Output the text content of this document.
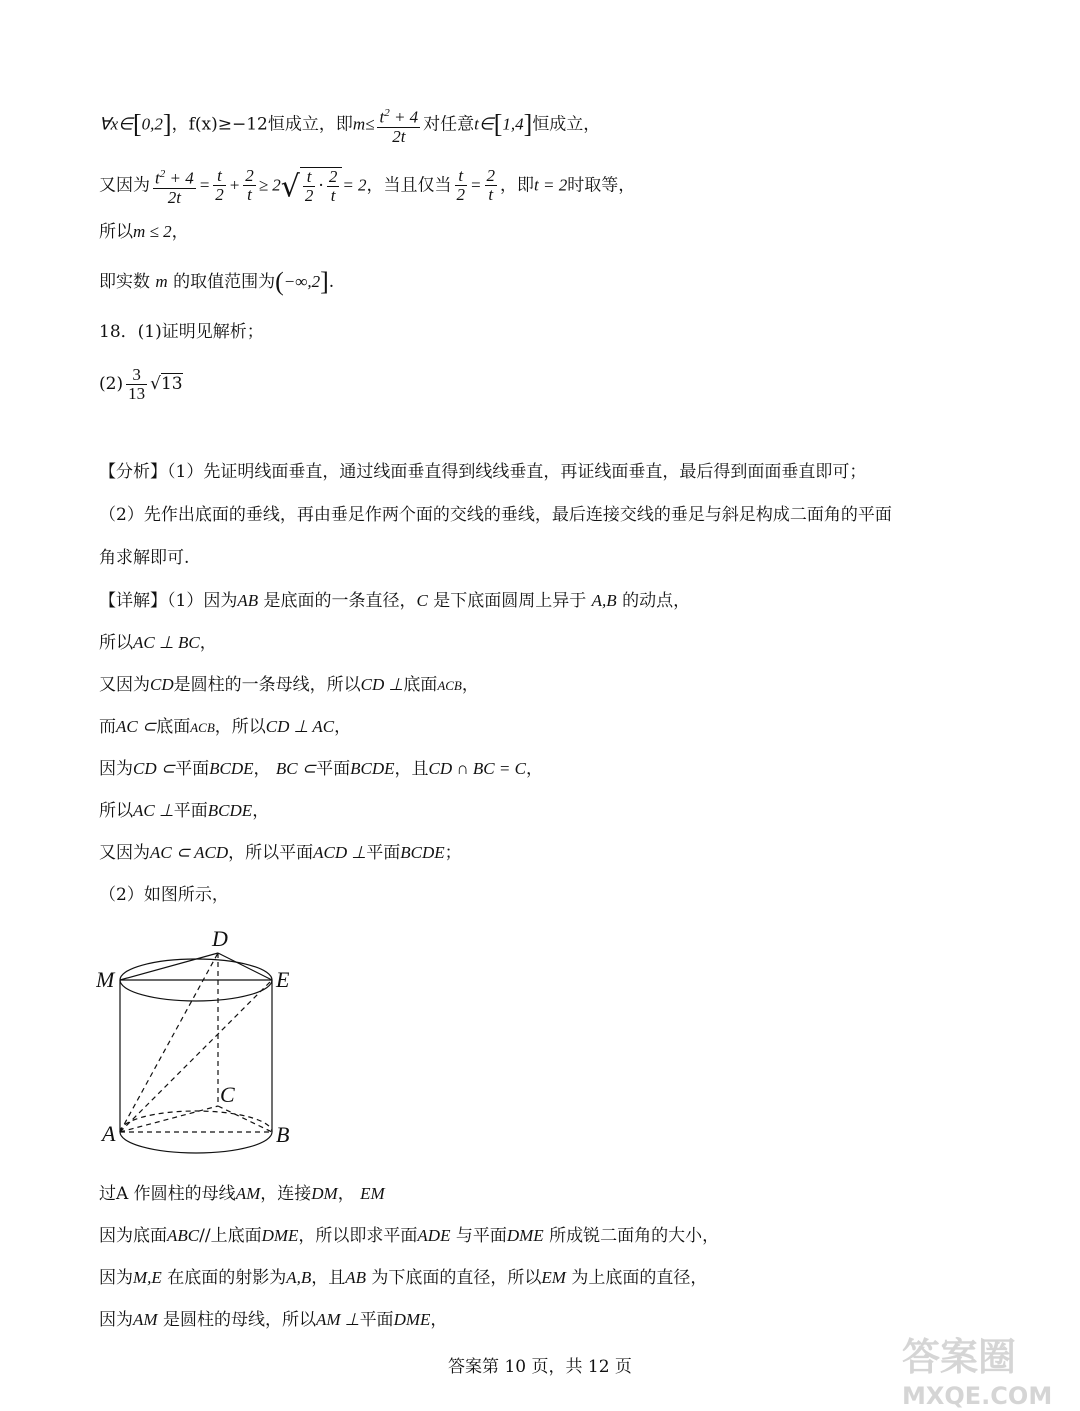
∀x∈[0,2]，f(x)≥−12恒成立，即$m\le \frac{t^2 + 4}{2t}$ 对任意t∈[1,4]恒成立，
又因为 $\frac{t^2 + 4}{2t} = \frac{t}{2} + \frac{2}{t} \ge 2√ \frac{t}{2} \cdot \frac{2}{t} = 2$，当且仅当 $\frac{t}{2} = \frac{2}{t}$ ，即t = 2时取等，
所以m ≤ 2，
即实数 m 的取值范围为(−∞,2].
18．(1)证明见解析；
$(2) \frac{3}{13} √13$
【分析】（1）先证明线面垂直，通过线面垂直得到线线垂直，再证线面垂直，最后得到面面垂直即可；
（2）先作出底面的垂线，再由垂足作两个面的交线的垂线，最后连接交线的垂足与斜足构成二面角的平面
角求解即可.
【详解】（1）因为AB 是底面的一条直径，C 是下底面圆周上异于 A,B 的动点，
所以AC ⊥ BC，
又因为CD是圆柱的一条母线，所以CD ⊥底面ACB，
而AC ⊂底面ACB，所以CD ⊥ AC，
因为CD ⊂平面BCDE， BC ⊂平面BCDE，且CD ∩ BC = C，
所以AC ⊥平面BCDE，
又因为AC ⊂ ACD，所以平面ACD ⊥平面BCDE；
（2）如图所示，
D
M	E
C
A	B
过A 作圆柱的母线AM，连接DM， EM
因为底面ABC//上底面DME，所以即求平面ADE 与平面DME 所成锐二面角的大小，
因为M,E 在底面的射影为A,B，且AB 为下底面的直径，所以EM 为上底面的直径，
因为AM 是圆柱的母线，所以AM ⊥平面DME，
答案圈
MXQE.COM
答案第 10 页，共 12 页
